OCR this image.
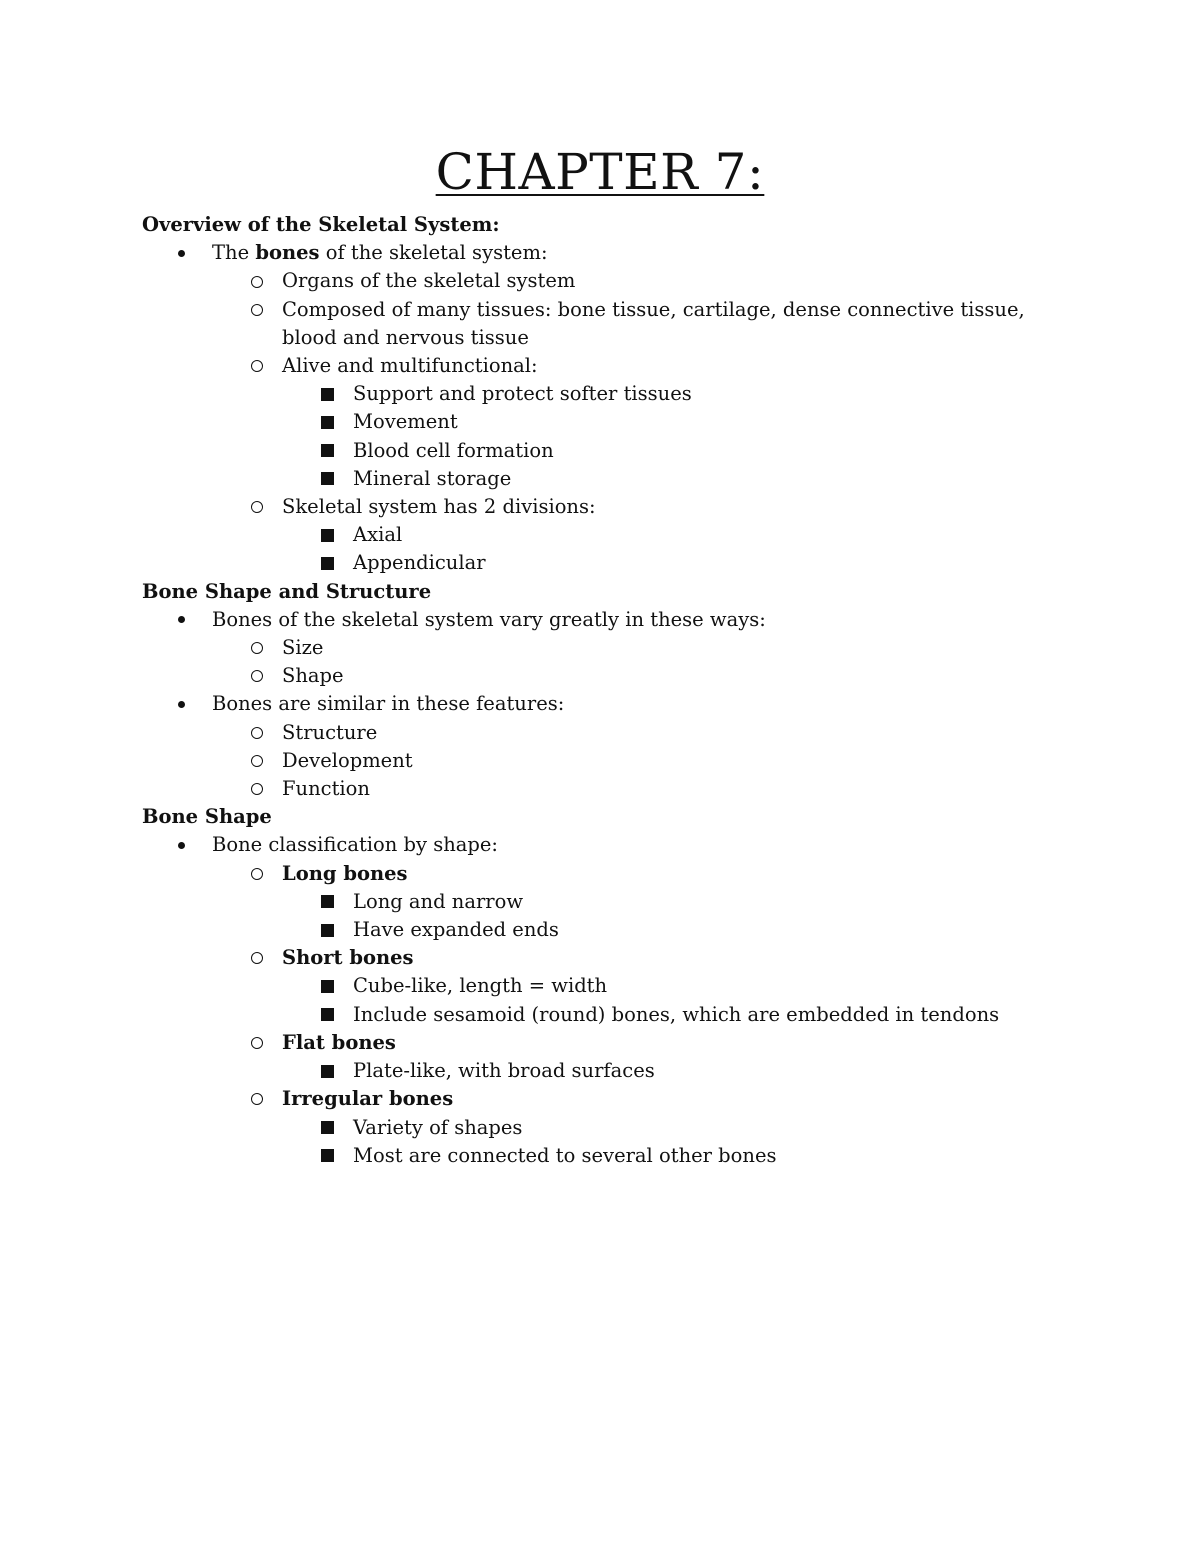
CHAPTER 7:

Overview of the Skeletal System:

The bones of the skeletal system:
Organs of the skeletal system
Composed of many tissues: bone tissue, cartilage, dense connective tissue, blood and nervous tissue
Alive and multifunctional:
Support and protect softer tissues
Movement
Blood cell formation
Mineral storage
Skeletal system has 2 divisions:
Axial
Appendicular

Bone Shape and Structure

Bones of the skeletal system vary greatly in these ways:
Size
Shape
Bones are similar in these features:
Structure
Development
Function

Bone Shape

Bone classification by shape:
Long bones
Long and narrow
Have expanded ends
Short bones
Cube-like, length = width
Include sesamoid (round) bones, which are embedded in tendons
Flat bones
Plate-like, with broad surfaces
Irregular bones
Variety of shapes
Most are connected to several other bones
